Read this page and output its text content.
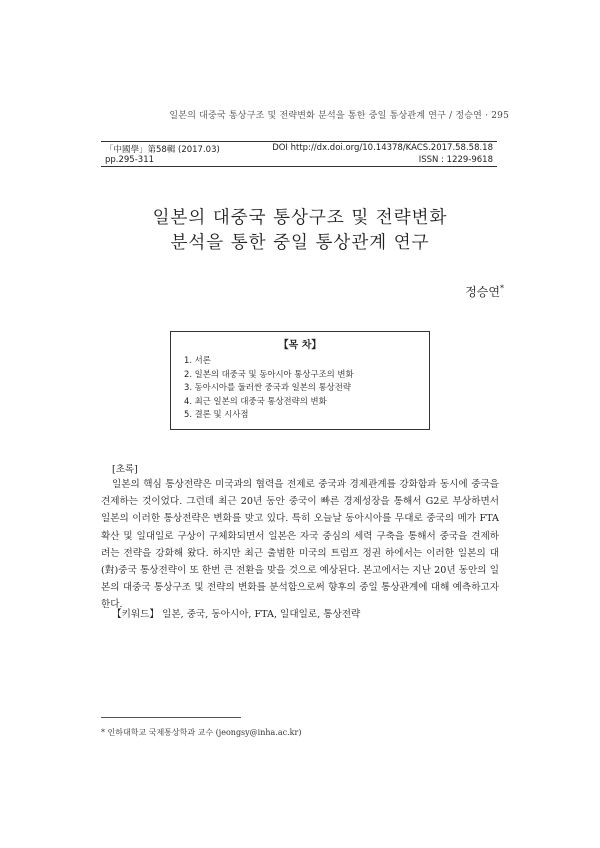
일본의 대중국 통상구조 및 전략변화 분석을 통한 중일 통상관계 연구 / 정승연 · 295
「中國學」第58輯 (2017.03)	DOI http://dx.doi.org/10.14378/KACS.2017.58.58.18
pp.295-311	ISSN : 1229-9618
일본의 대중국 통상구조 및 전략변화
분석을 통한 중일 통상관계 연구
정승연*
【목 차】
1. 서론
2. 일본의 대중국 및 동아시아 통상구조의 변화
3. 동아시아를 둘러싼 중국과 일본의 통상전략
4. 최근 일본의 대중국 통상전략의 변화
5. 결론 및 시사점
[초록]
일본의 핵심 통상전략은 미국과의 협력을 전제로 중국과 경제관계를 강화함과 동시에 중국을 견제하는 것이었다. 그런데 최근 20년 동안 중국이 빠른 경제성장을 통해서 G2로 부상하면서 일본의 이러한 통상전략은 변화를 맞고 있다. 특히 오늘날 동아시아를 무대로 중국의 메가 FTA 확산 및 일대일로 구상이 구체화되면서 일본은 자국 중심의 세력 구축을 통해서 중국을 견제하려는 전략을 강화해 왔다. 하지만 최근 출범한 미국의 트럼프 정권 하에서는 이러한 일본의 대(對)중국 통상전략이 또 한번 큰 전환을 맞을 것으로 예상된다. 본고에서는 지난 20년 동안의 일본의 대중국 통상구조 및 전략의 변화를 분석함으로써 향후의 중일 통상관계에 대해 예측하고자 한다.
【키워드】 일본, 중국, 동아시아, FTA, 일대일로, 통상전략
* 인하대학교 국제통상학과 교수 (jeongsy@inha.ac.kr)
